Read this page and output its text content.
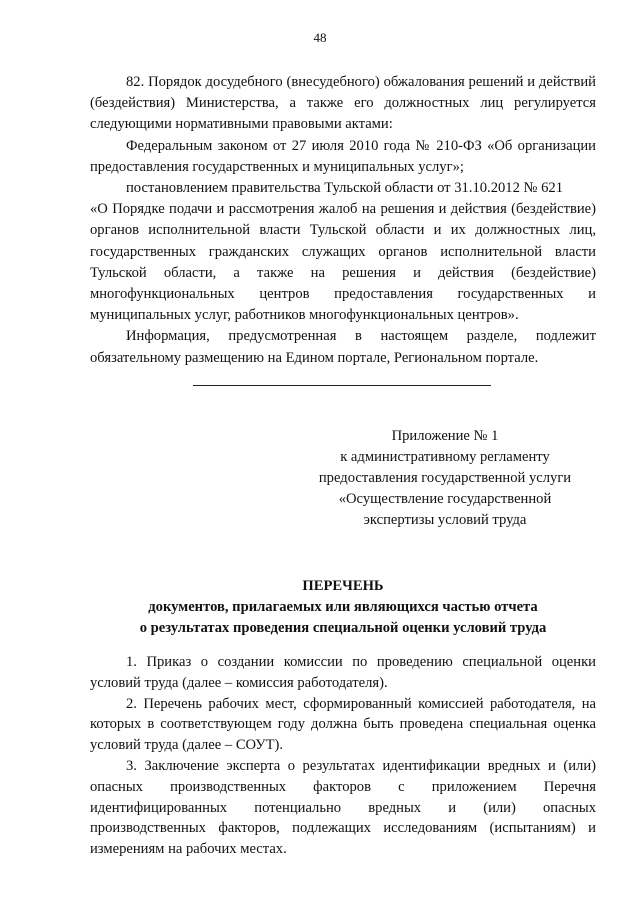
48

82. Порядок досудебного (внесудебного) обжалования решений и действий (бездействия) Министерства, а также его должностных лиц регулируется следующими нормативными правовыми актами:

Федеральным законом от 27 июля 2010 года № 210-ФЗ «Об организации предоставления государственных и муниципальных услуг»;

постановлением правительства Тульской области от 31.10.2012 № 621

«О Порядке подачи и рассмотрения жалоб на решения и действия (бездействие) органов исполнительной власти Тульской области и их должностных лиц, государственных гражданских служащих органов исполнительной власти Тульской области, а также на решения и действия (бездействие) многофункциональных центров предоставления государственных и муниципальных услуг, работников многофункциональных центров».

Информация, предусмотренная в настоящем разделе, подлежит обязательному размещению на Едином портале, Региональном портале.

Приложение № 1
к административному регламенту
предоставления государственной услуги
«Осуществление государственной
экспертизы условий труда
ПЕРЕЧЕНЬ
документов, прилагаемых или являющихся частью отчета
о результатах проведения специальной оценки условий труда

1. Приказ о создании комиссии по проведению специальной оценки условий труда (далее – комиссия работодателя).

2. Перечень рабочих мест, сформированный комиссией работодателя, на которых в соответствующем году должна быть проведена специальная оценка условий труда (далее – СОУТ).

3. Заключение эксперта о результатах идентификации вредных и (или) опасных производственных факторов с приложением Перечня идентифицированных потенциально вредных и (или) опасных производственных факторов, подлежащих исследованиям (испытаниям) и измерениям на рабочих местах.
